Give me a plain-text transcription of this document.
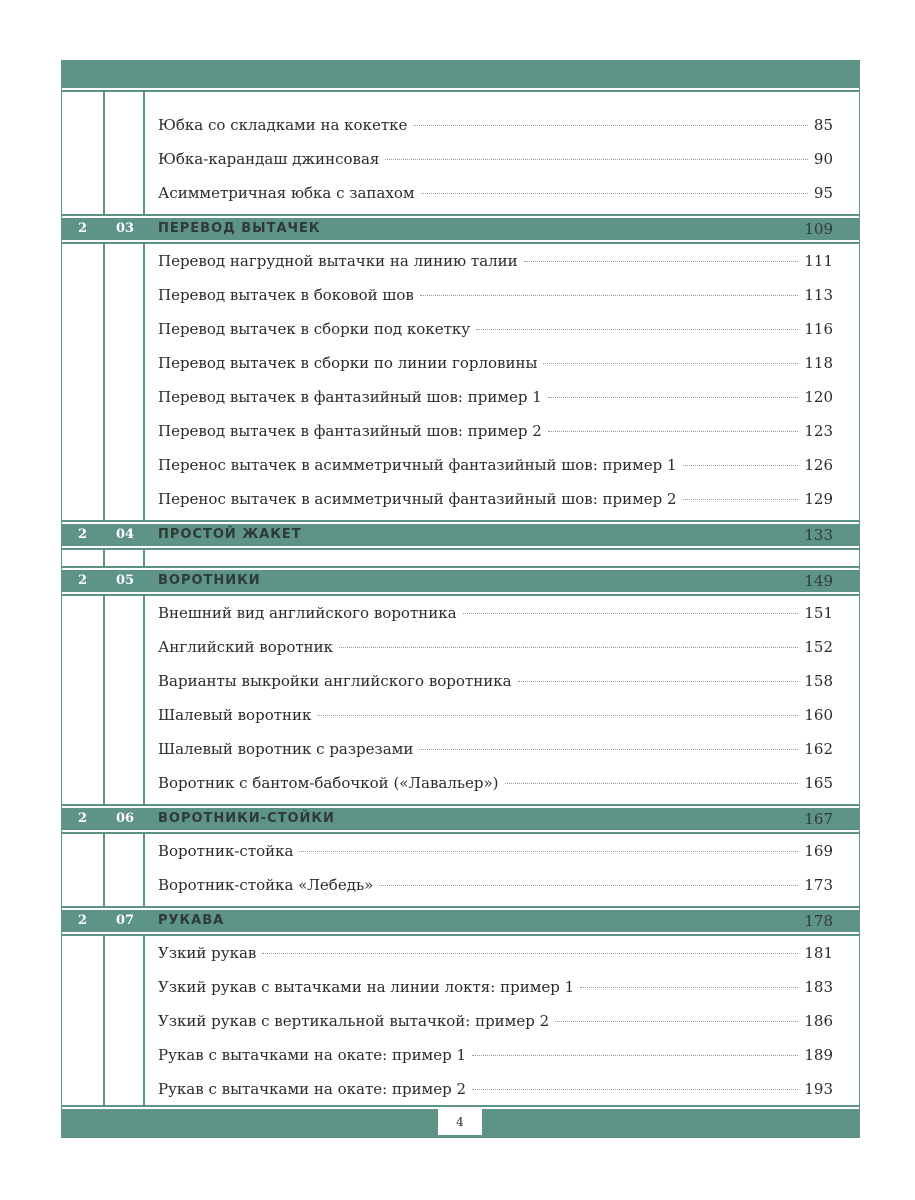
Юбка со складками на кокетке	85
Юбка-карандаш джинсовая	90
Асимметричная юбка с запахом	95
2	03	ПЕРЕВОД ВЫТАЧЕК	109
Перевод нагрудной вытачки на линию талии	111
Перевод вытачек в боковой шов	113
Перевод вытачек в сборки под кокетку	116
Перевод вытачек в сборки по линии горловины	118
Перевод вытачек в фантазийный шов: пример 1	120
Перевод вытачек в фантазийный шов: пример 2	123
Перенос вытачек в асимметричный фантазийный шов: пример 1	126
Перенос вытачек в асимметричный фантазийный шов: пример 2	129
2	04	ПРОСТОЙ ЖАКЕТ	133
2	05	ВОРОТНИКИ	149
Внешний вид английского воротника	151
Английский воротник	152
Варианты выкройки английского воротника	158
Шалевый воротник	160
Шалевый воротник с разрезами	162
Воротник с бантом-бабочкой («Лавальер»)	165
2	06	ВОРОТНИКИ-СТОЙКИ	167
Воротник-стойка	169
Воротник-стойка «Лебедь»	173
2	07	РУКАВА	178
Узкий рукав	181
Узкий рукав с вытачками на линии локтя: пример 1	183
Узкий рукав с вертикальной вытачкой: пример 2	186
Рукав с вытачками на окате: пример 1	189
Рукав с вытачками на окате: пример 2	193
4
